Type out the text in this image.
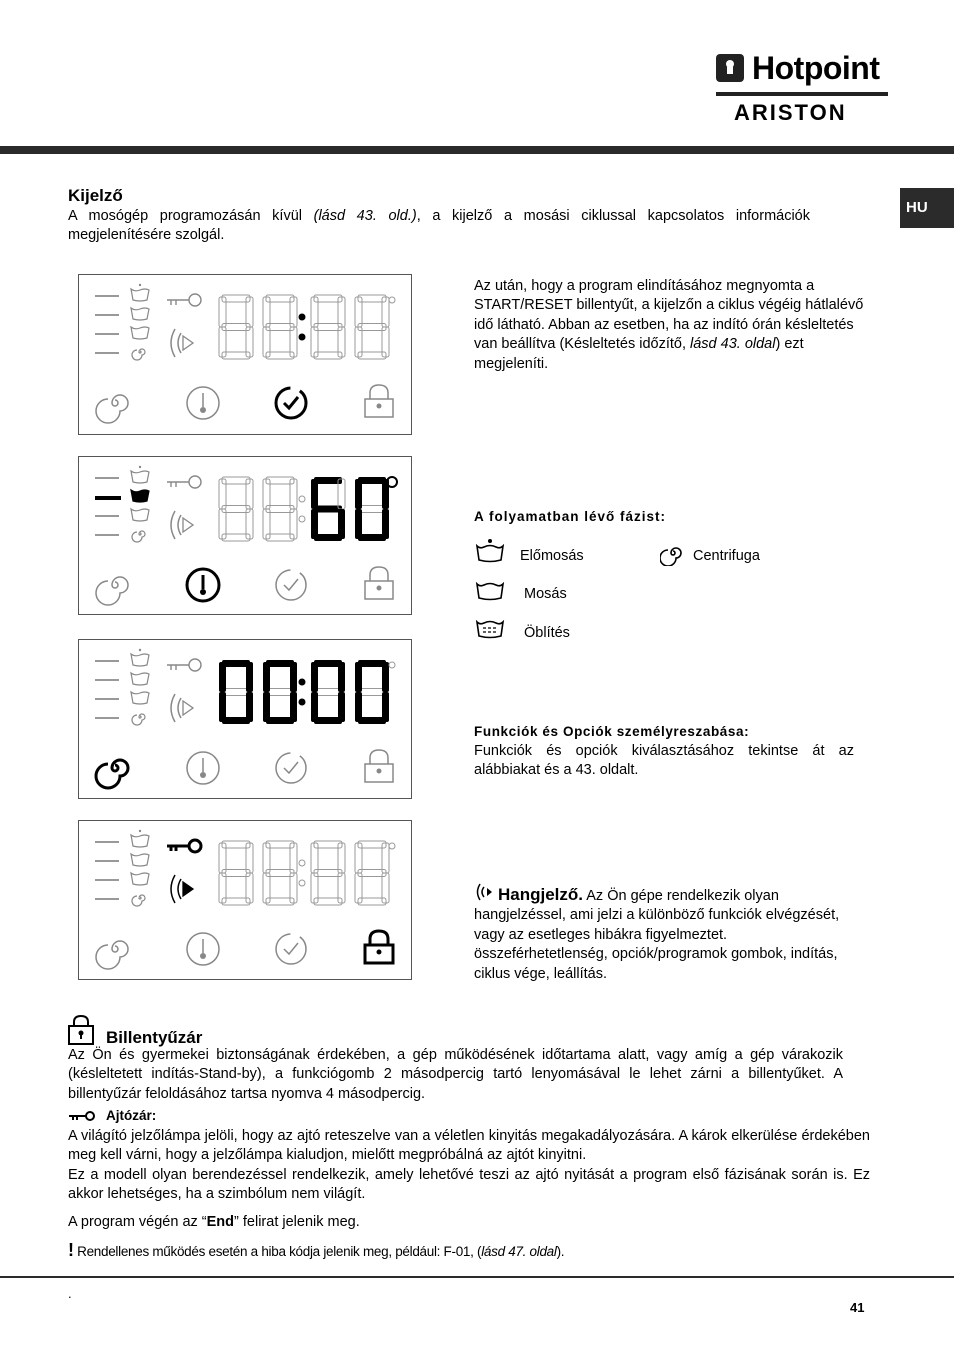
Hotpoint
ARISTON
HU
Kijelző

A mosógép programozásán kívül (lásd 43. old.), a kijelző a mosási ciklussal kapcsolatos információk megjelenítésére szolgál.

Az után, hogy a program elindításához megnyomta a START/RESET billentyűt, a kijelzőn a ciklus végéig hátlalévő idő látható. Abban az esetben, ha az indító órán késleltetés van beállítva (Késleltetés időzítő, lásd 43. oldal) ezt megjeleníti.

A folyamatban lévő fázist:
Előmosás	Centrifuga
Mosás
Öblítés
Funkciók és Opciók személyreszabása:

Funkciók és opciók kiválasztásához tekintse át az alábbiakat és a 43. oldalt.

Hangjelző. Az Ön gépe rendelkezik olyan hangjelzéssel, ami jelzi a különböző funkciók elvégzését, vagy az esetleges hibákra figyelmeztet. összeférhetetlenség, opciók/programok gombok, indítás, ciklus vége, leállítás.

Billentyűzár

Az Ön és gyermekei biztonságának érdekében, a gép működésének időtartama alatt, vagy amíg a gép várakozik (késleltetett indítás-Stand-by), a funkciógomb 2 másodpercig tartó lenyomásával le lehet zárni a billentyűket. A billentyűzár feloldásához tartsa nyomva 4 másodpercig.

Ajtózár:

A világító jelzőlámpa jelöli, hogy az ajtó reteszelve van a véletlen kinyitás megakadályozására. A károk elkerülése érdekében meg kell várni, hogy a jelzőlámpa kialudjon, mielőtt megpróbálná az ajtót kinyitni.

Ez a modell olyan berendezéssel rendelkezik, amely lehetővé teszi az ajtó nyitását a program első fázisának során is. Ez akkor lehetséges, ha a szimbólum nem világít.

A program végén az “End” felirat jelenik meg.

! Rendellenes működés esetén a hiba kódja jelenik meg, például: F-01, (lásd 47. oldal).
.
41
